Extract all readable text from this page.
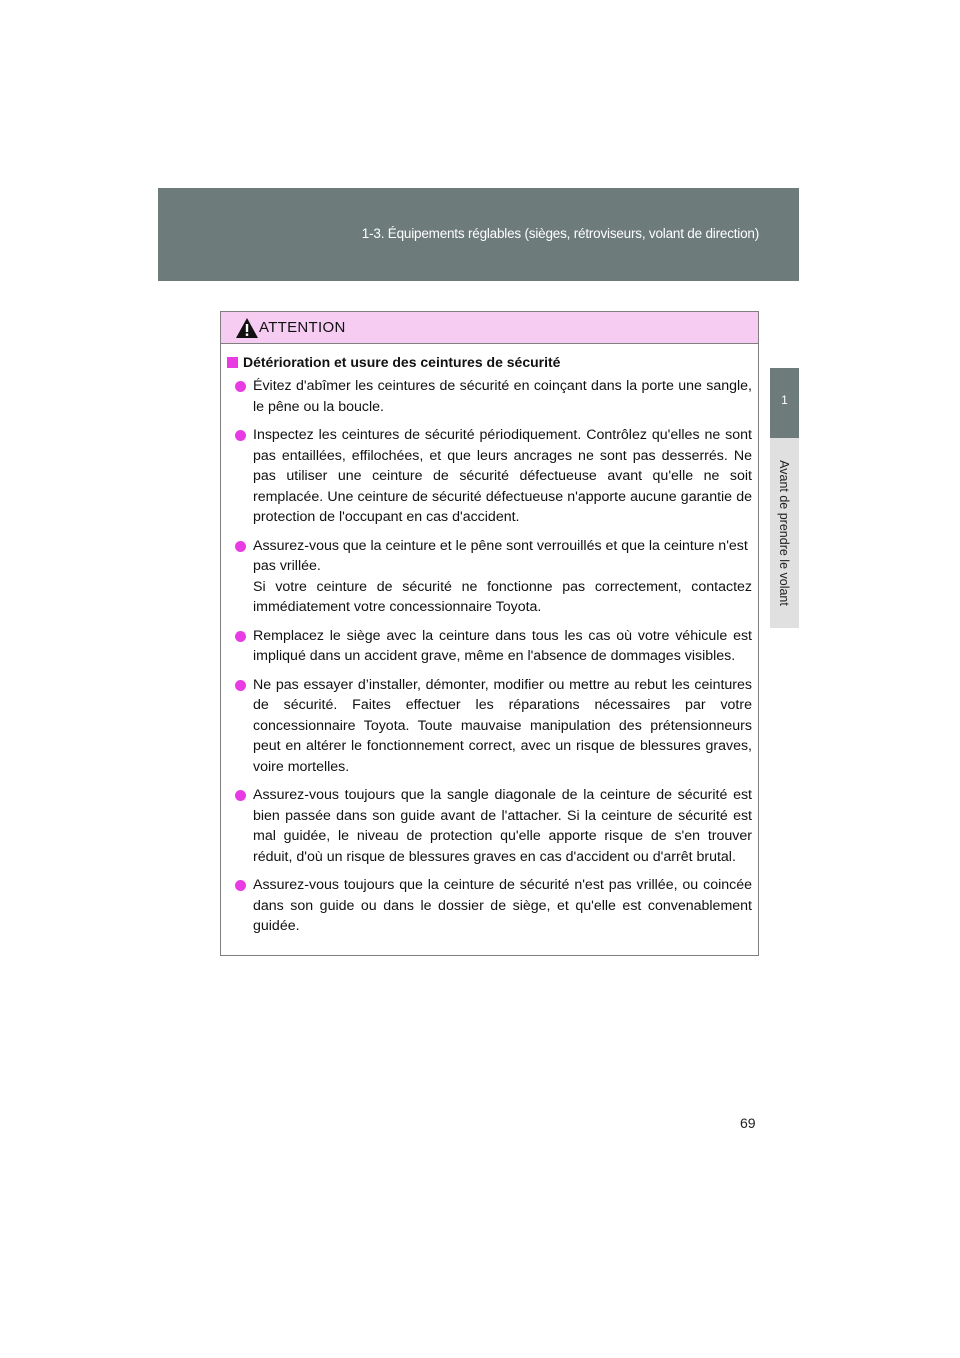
1-3. Équipements réglables (sièges, rétroviseurs, volant de direction)
1
Avant de prendre le volant
ATTENTION
Détérioration et usure des ceintures de sécurité

Évitez d'abîmer les ceintures de sécurité en coinçant dans la porte une sangle, le pêne ou la boucle.

Inspectez les ceintures de sécurité périodiquement. Contrôlez qu'elles ne sont pas entaillées, effilochées, et que leurs ancrages ne sont pas desserrés. Ne pas utiliser une ceinture de sécurité défectueuse avant qu'elle ne soit remplacée. Une ceinture de sécurité défectueuse n'apporte aucune garantie de protection de l'occupant en cas d'accident.

Assurez-vous que la ceinture et le pêne sont verrouillés et que la ceinture n'est pas vrillée.

Si votre ceinture de sécurité ne fonctionne pas correctement, contactez immédiatement votre concessionnaire Toyota.

Remplacez le siège avec la ceinture dans tous les cas où votre véhicule est impliqué dans un accident grave, même en l'absence de dommages visibles.

Ne pas essayer d’installer, démonter, modifier ou mettre au rebut les ceintures de sécurité. Faites effectuer les réparations nécessaires par votre concessionnaire Toyota. Toute mauvaise manipulation des prétensionneurs peut en altérer le fonctionnement correct, avec un risque de blessures graves, voire mortelles.

Assurez-vous toujours que la sangle diagonale de la ceinture de sécurité est bien passée dans son guide avant de l'attacher. Si la ceinture de sécurité est mal guidée, le niveau de protection qu'elle apporte risque de s'en trouver réduit, d'où un risque de blessures graves en cas d'accident ou d'arrêt brutal.

Assurez-vous toujours que la ceinture de sécurité n'est pas vrillée, ou coincée dans son guide ou dans le dossier de siège, et qu'elle est convenablement guidée.

69
